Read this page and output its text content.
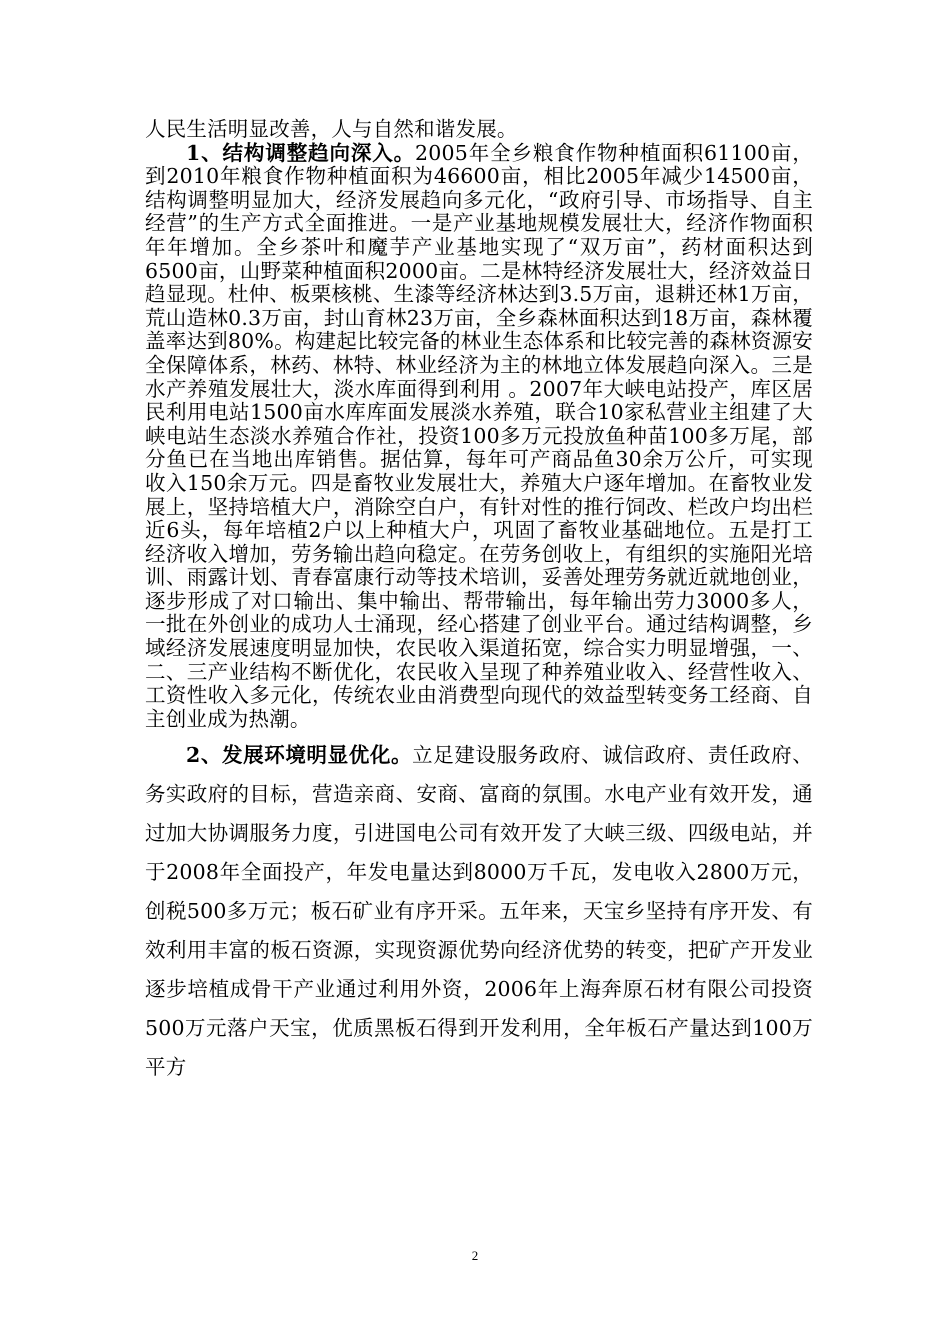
人民生活明显改善，人与自然和谐发展。

1、结构调整趋向深入。2005年全乡粮食作物种植面积61100亩，到2010年粮食作物种植面积为46600亩，相比2005年减少14500亩，结构调整明显加大，经济发展趋向多元化，“政府引导、市场指导、自主经营”的生产方式全面推进。一是产业基地规模发展壮大，经济作物面积年年增加。全乡茶叶和魔芋产业基地实现了“双万亩”，药材面积达到6500亩，山野菜种植面积2000亩。二是林特经济发展壮大，经济效益日趋显现。杜仲、板栗核桃、生漆等经济林达到3.5万亩，退耕还林1万亩，荒山造林0.3万亩，封山育林23万亩，全乡森林面积达到18万亩，森林覆盖率达到80%。构建起比较完备的林业生态体系和比较完善的森林资源安全保障体系，林药、林特、林业经济为主的林地立体发展趋向深入。三是水产养殖发展壮大，淡水库面得到利用 。2007年大峡电站投产，库区居民利用电站1500亩水库库面发展淡水养殖，联合10家私营业主组建了大峡电站生态淡水养殖合作社，投资100多万元投放鱼种苗100多万尾，部分鱼已在当地出库销售。据估算，每年可产商品鱼30余万公斤，可实现收入150余万元。四是畜牧业发展壮大，养殖大户逐年增加。在畜牧业发展上，坚持培植大户，消除空白户，有针对性的推行饲改、栏改户均出栏近6头，每年培植2户以上种植大户，巩固了畜牧业基础地位。五是打工经济收入增加，劳务输出趋向稳定。在劳务创收上，有组织的实施阳光培训、雨露计划、青春富康行动等技术培训，妥善处理劳务就近就地创业，逐步形成了对口输出、集中输出、帮带输出，每年输出劳力3000多人，一批在外创业的成功人士涌现，经心搭建了创业平台。通过结构调整，乡域经济发展速度明显加快，农民收入渠道拓宽，综合实力明显增强，一、二、三产业结构不断优化，农民收入呈现了种养殖业收入、经营性收入、工资性收入多元化，传统农业由消费型向现代的效益型转变务工经商、自主创业成为热潮。

2、发展环境明显优化。立足建设服务政府、诚信政府、责任政府、务实政府的目标，营造亲商、安商、富商的氛围。水电产业有效开发，通过加大协调服务力度，引进国电公司有效开发了大峡三级、四级电站，并于2008年全面投产，年发电量达到8000万千瓦，发电收入2800万元，创税500多万元；板石矿业有序开采。五年来，天宝乡坚持有序开发、有效利用丰富的板石资源，实现资源优势向经济优势的转变，把矿产开发业逐步培植成骨干产业通过利用外资，2006年上海奔原石材有限公司投资500万元落户天宝，优质黑板石得到开发利用，全年板石产量达到100万平方

2
